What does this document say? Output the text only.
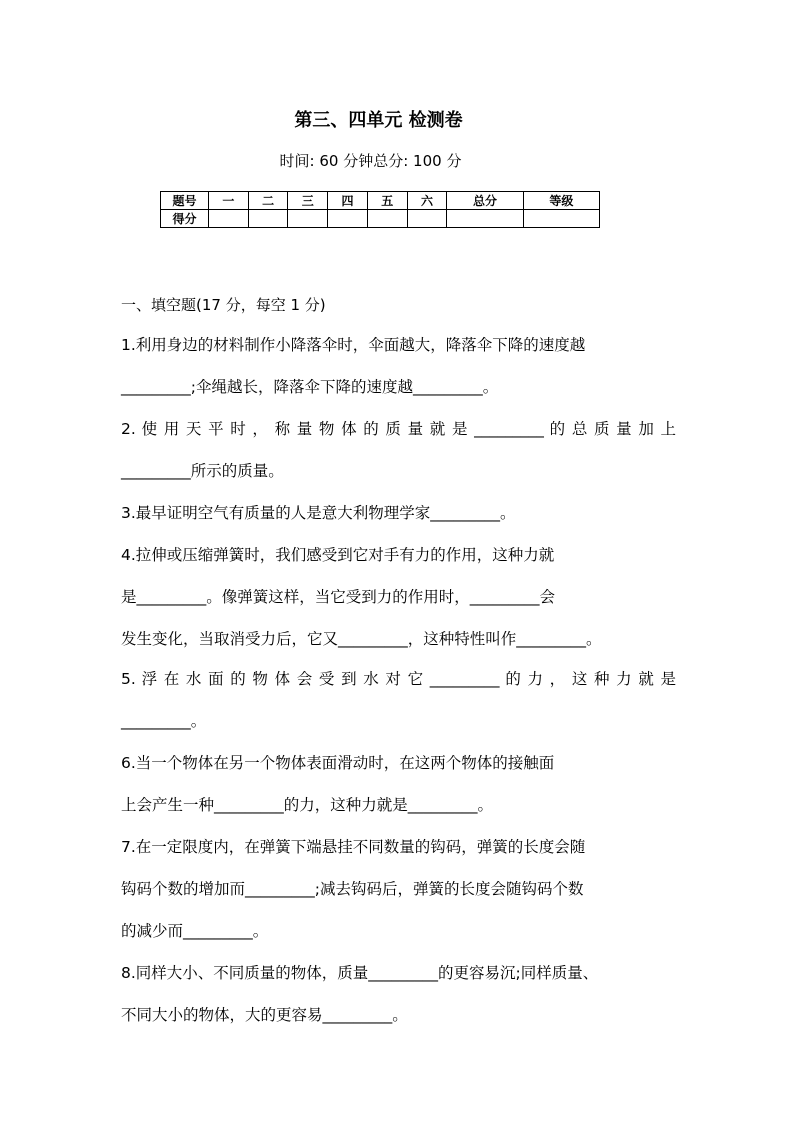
第三、四单元 检测卷
时间: 60 分钟总分: 100 分
题号	一	二	三	四	五	六	总分	等级
得分								
一、填空题(17 分，每空 1 分)
1.利用身边的材料制作小降落伞时，伞面越大，降落伞下降的速度越
_________;伞绳越长，降落伞下降的速度越_________。
2. 使 用 天 平 时 ， 称 量 物 体 的 质 量 就 是 _________ 的 总 质 量 加 上
_________所示的质量。
3.最早证明空气有质量的人是意大利物理学家_________。
4.拉伸或压缩弹簧时，我们感受到它对手有力的作用，这种力就
是_________。像弹簧这样，当它受到力的作用时，_________会
发生变化，当取消受力后，它又_________，这种特性叫作_________。
5. 浮 在 水 面 的 物 体 会 受 到 水 对 它 _________ 的 力 ， 这 种 力 就 是
_________。
6.当一个物体在另一个物体表面滑动时，在这两个物体的接触面
上会产生一种_________的力，这种力就是_________。
7.在一定限度内，在弹簧下端悬挂不同数量的钩码，弹簧的长度会随
钩码个数的增加而_________;减去钩码后，弹簧的长度会随钩码个数
的减少而_________。
8.同样大小、不同质量的物体，质量_________的更容易沉;同样质量、
不同大小的物体，大的更容易_________。
